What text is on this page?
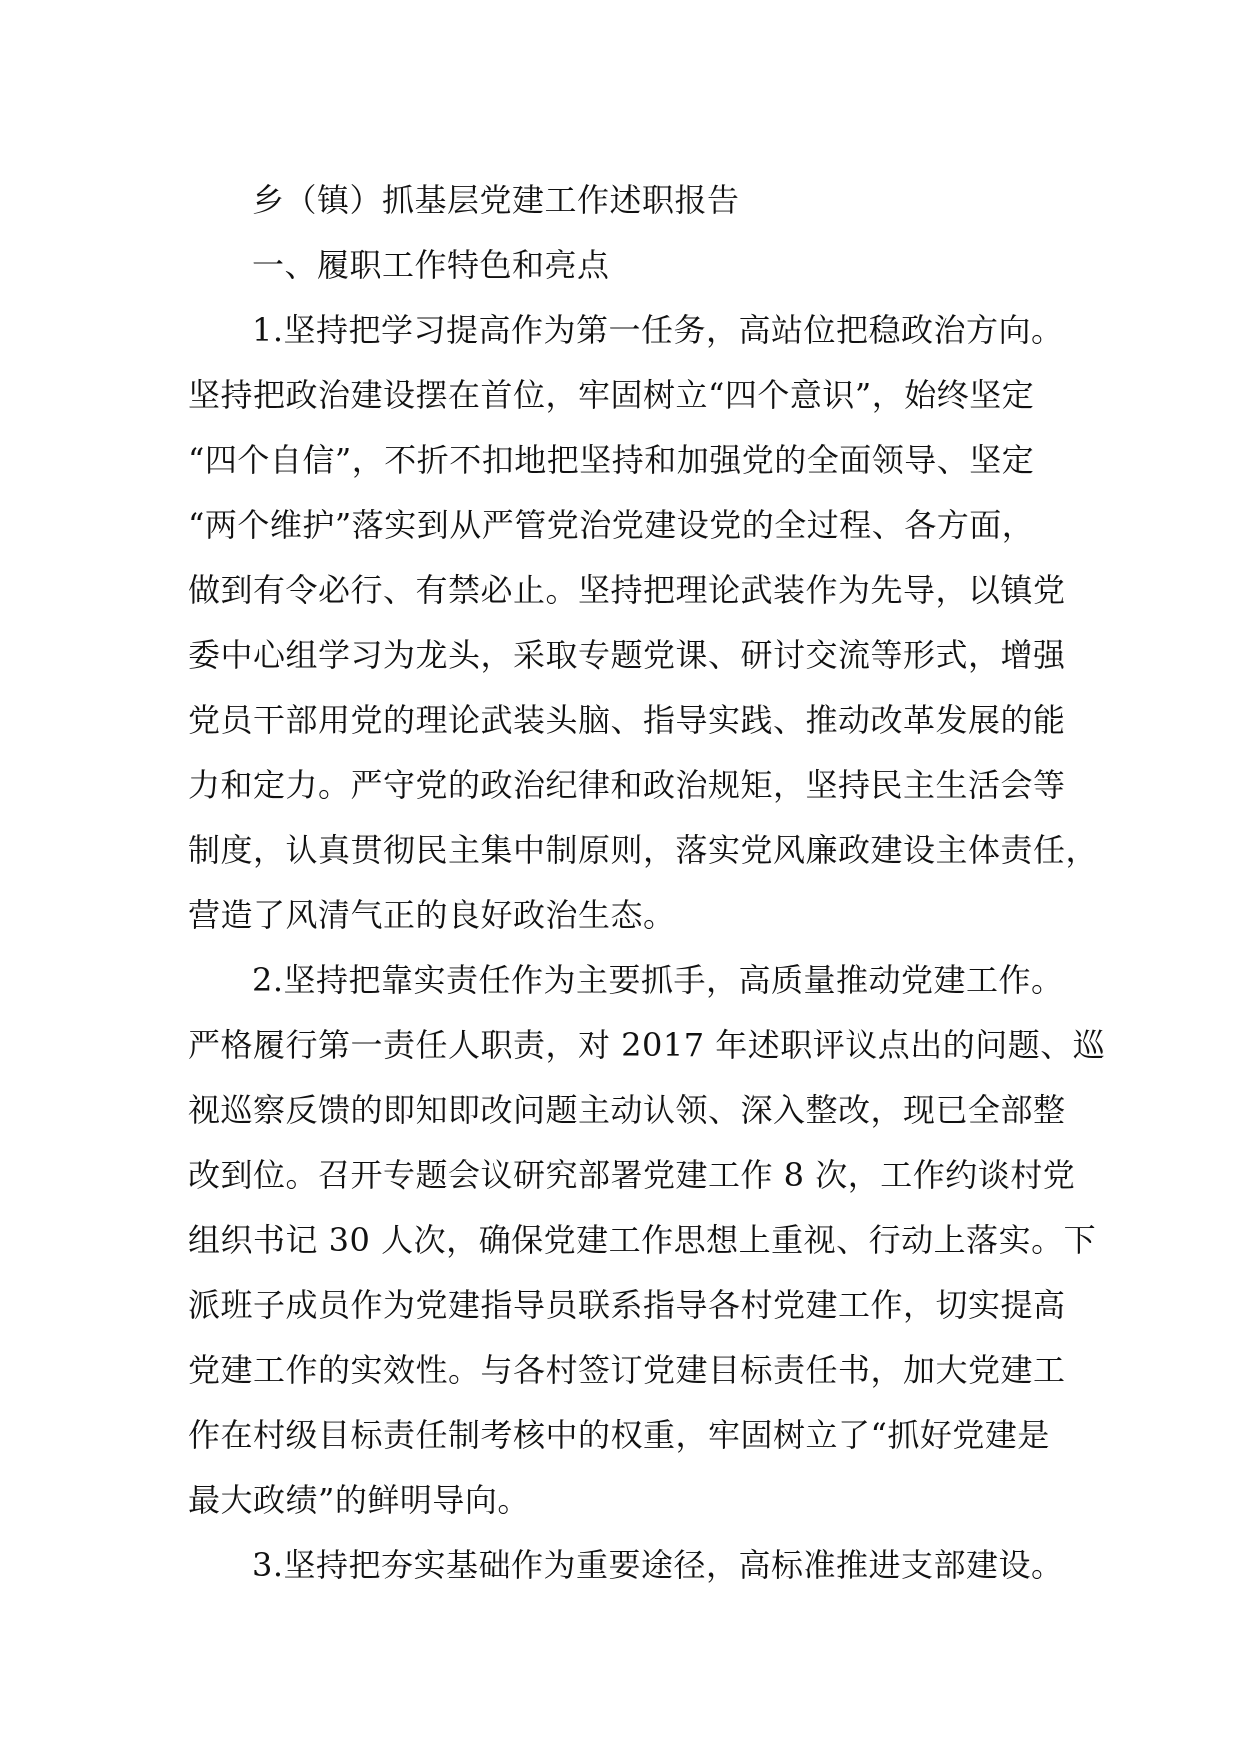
乡（镇）抓基层党建工作述职报告
一、履职工作特色和亮点
1.坚持把学习提高作为第一任务，高站位把稳政治方向。
坚持把政治建设摆在首位，牢固树立“四个意识”，始终坚定
“四个自信”，不折不扣地把坚持和加强党的全面领导、坚定
“两个维护”落实到从严管党治党建设党的全过程、各方面，
做到有令必行、有禁必止。坚持把理论武装作为先导，以镇党
委中心组学习为龙头，采取专题党课、研讨交流等形式，增强
党员干部用党的理论武装头脑、指导实践、推动改革发展的能
力和定力。严守党的政治纪律和政治规矩，坚持民主生活会等
制度，认真贯彻民主集中制原则，落实党风廉政建设主体责任，
营造了风清气正的良好政治生态。
2.坚持把靠实责任作为主要抓手，高质量推动党建工作。
严格履行第一责任人职责，对 2017 年述职评议点出的问题、巡
视巡察反馈的即知即改问题主动认领、深入整改，现已全部整
改到位。召开专题会议研究部署党建工作 8 次，工作约谈村党
组织书记 30 人次，确保党建工作思想上重视、行动上落实。下
派班子成员作为党建指导员联系指导各村党建工作，切实提高
党建工作的实效性。与各村签订党建目标责任书，加大党建工
作在村级目标责任制考核中的权重，牢固树立了“抓好党建是
最大政绩”的鲜明导向。
3.坚持把夯实基础作为重要途径，高标准推进支部建设。
